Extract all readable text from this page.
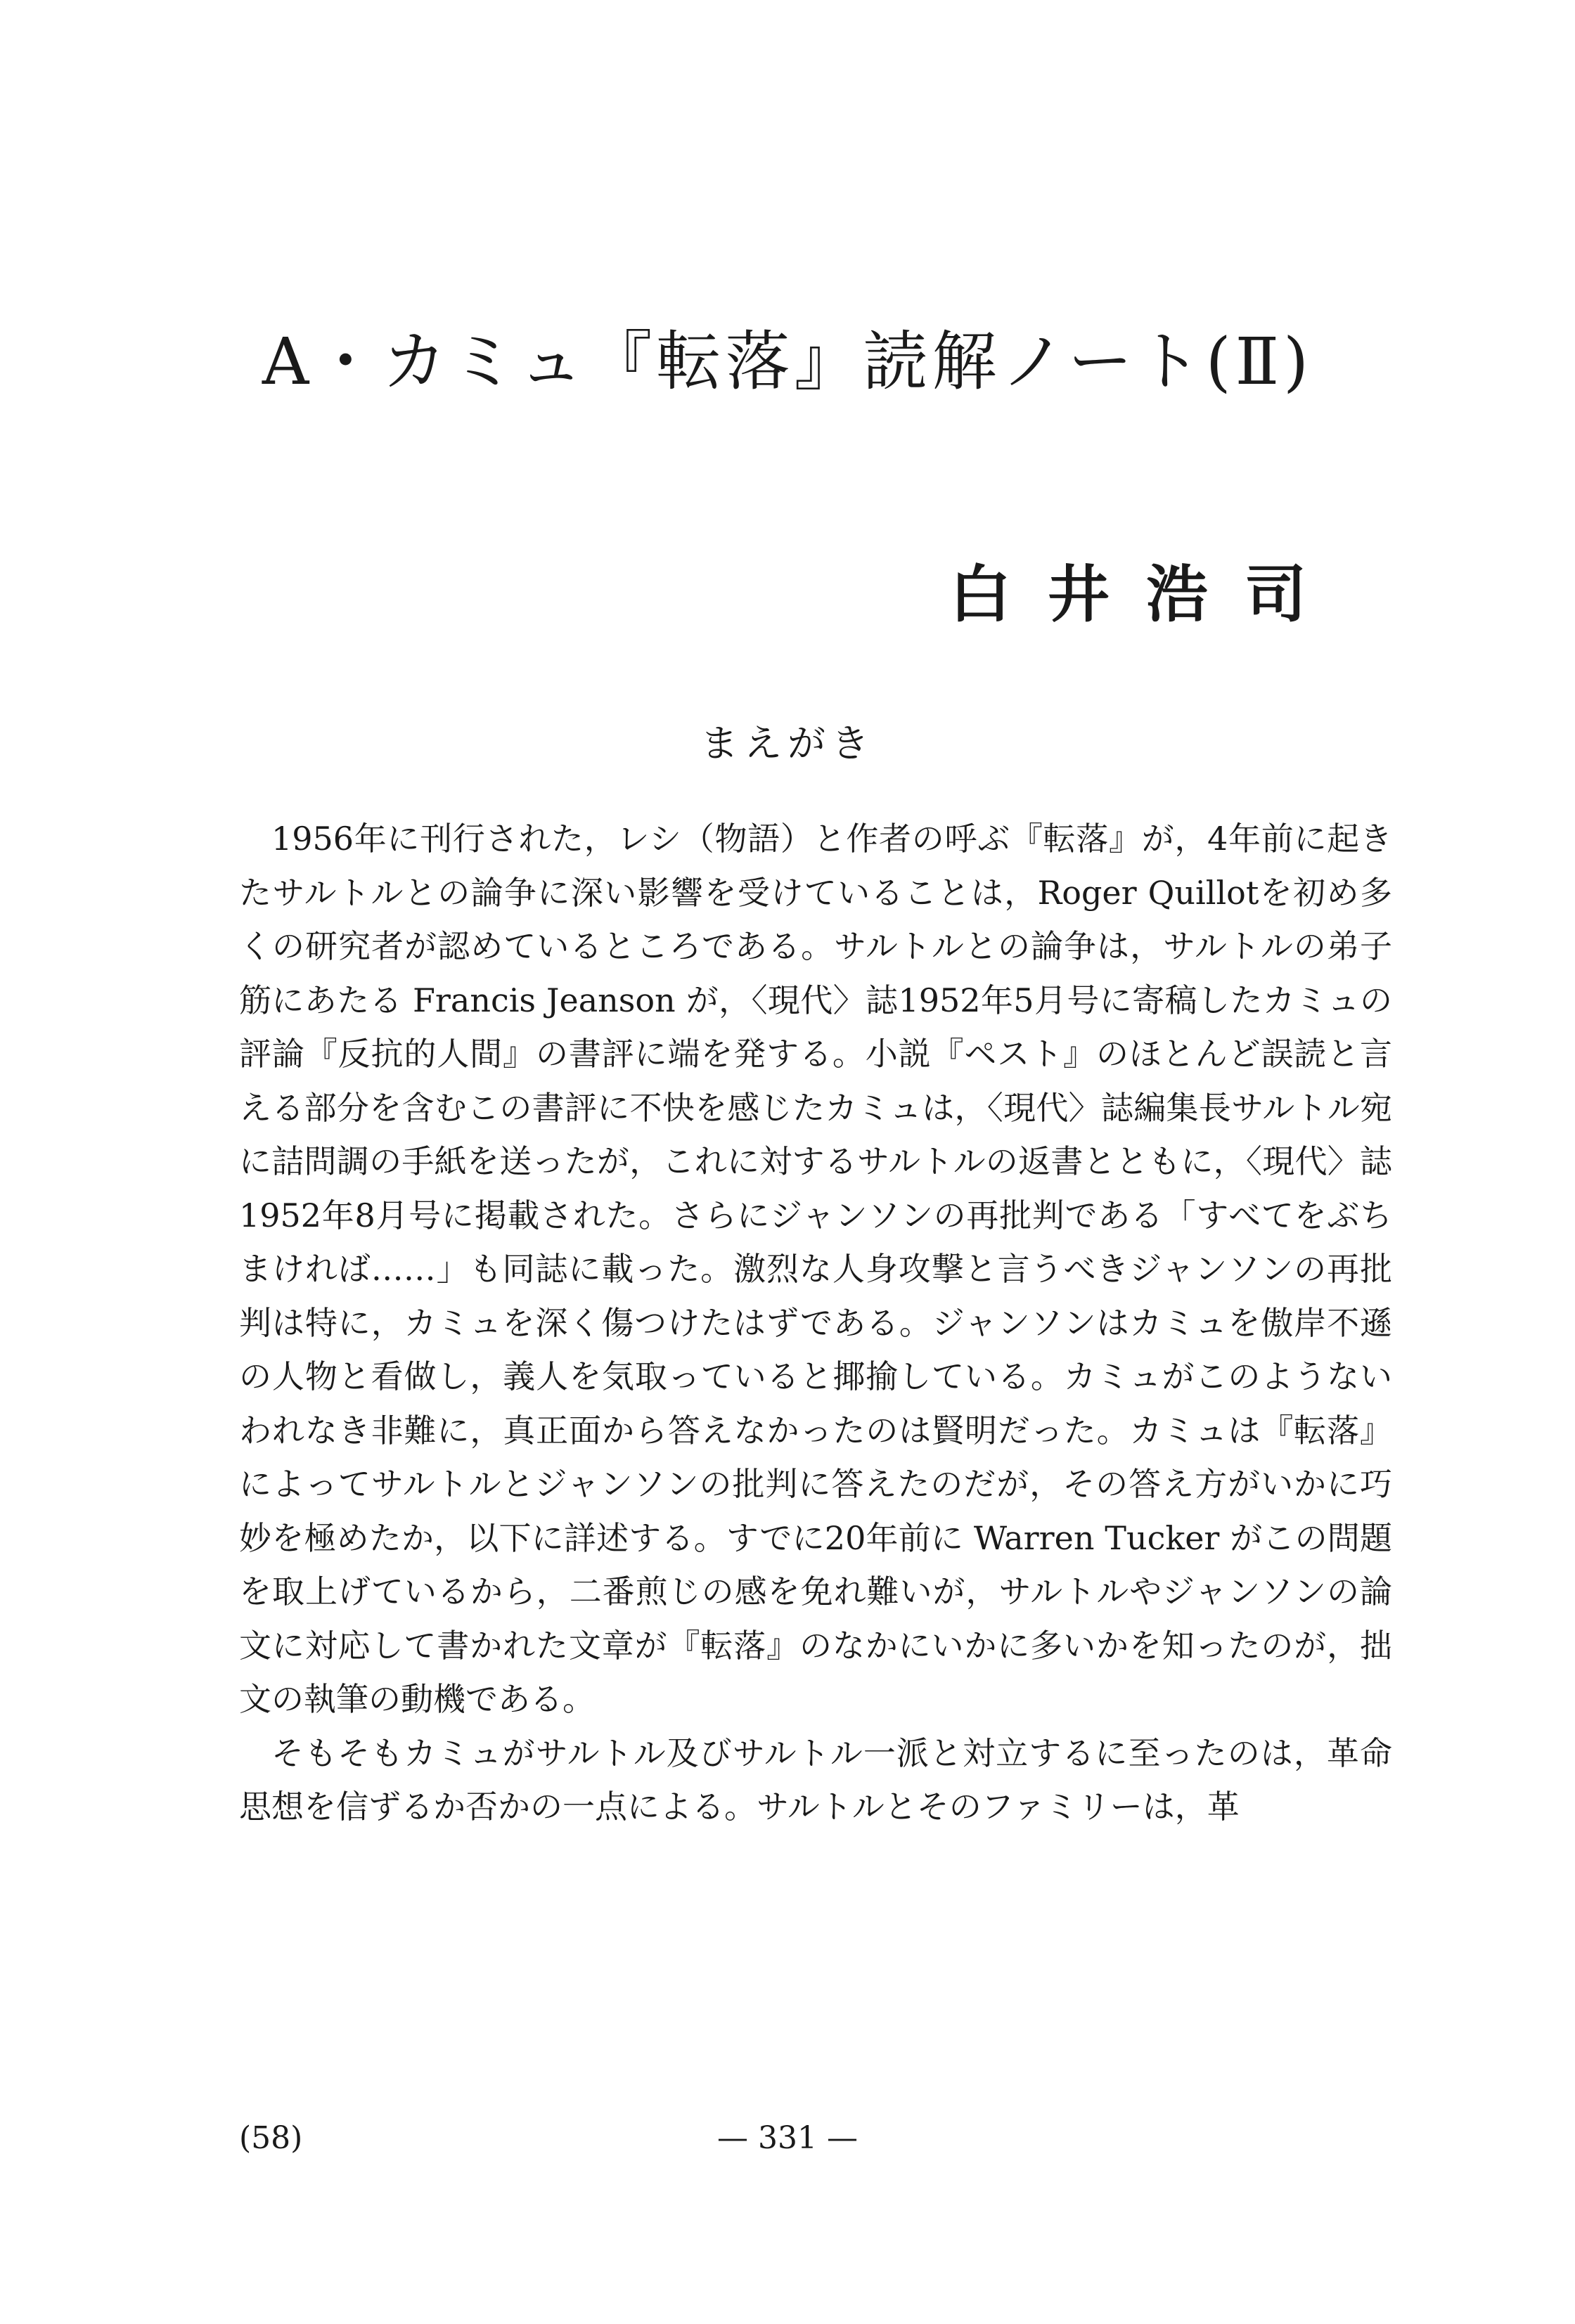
A・カミュ『転落』読解ノート(Ⅱ)
白井浩司
まえがき

1956年に刊行された，レシ（物語）と作者の呼ぶ『転落』が，4年前に起きたサルトルとの論争に深い影響を受けていることは，Roger Quillotを初め多くの研究者が認めているところである。サルトルとの論争は，サルトルの弟子筋にあたる Francis Jeanson が，〈現代〉誌1952年5月号に寄稿したカミュの評論『反抗的人間』の書評に端を発する。小説『ペスト』のほとんど誤読と言える部分を含むこの書評に不快を感じたカミュは，〈現代〉誌編集長サルトル宛に詰問調の手紙を送ったが，これに対するサルトルの返書とともに，〈現代〉誌1952年8月号に掲載された。さらにジャンソンの再批判である「すべてをぶちまければ……」も同誌に載った。激烈な人身攻撃と言うべきジャンソンの再批判は特に，カミュを深く傷つけたはずである。ジャンソンはカミュを傲岸不遜の人物と看做し，義人を気取っていると揶揄している。カミュがこのようないわれなき非難に，真正面から答えなかったのは賢明だった。カミュは『転落』によってサルトルとジャンソンの批判に答えたのだが，その答え方がいかに巧妙を極めたか，以下に詳述する。すでに20年前に Warren Tucker がこの問題を取上げているから，二番煎じの感を免れ難いが，サルトルやジャンソンの論文に対応して書かれた文章が『転落』のなかにいかに多いかを知ったのが，拙文の執筆の動機である。

そもそもカミュがサルトル及びサルトル一派と対立するに至ったのは，革命思想を信ずるか否かの一点による。サルトルとそのファミリーは，革

(58)	— 331 —
